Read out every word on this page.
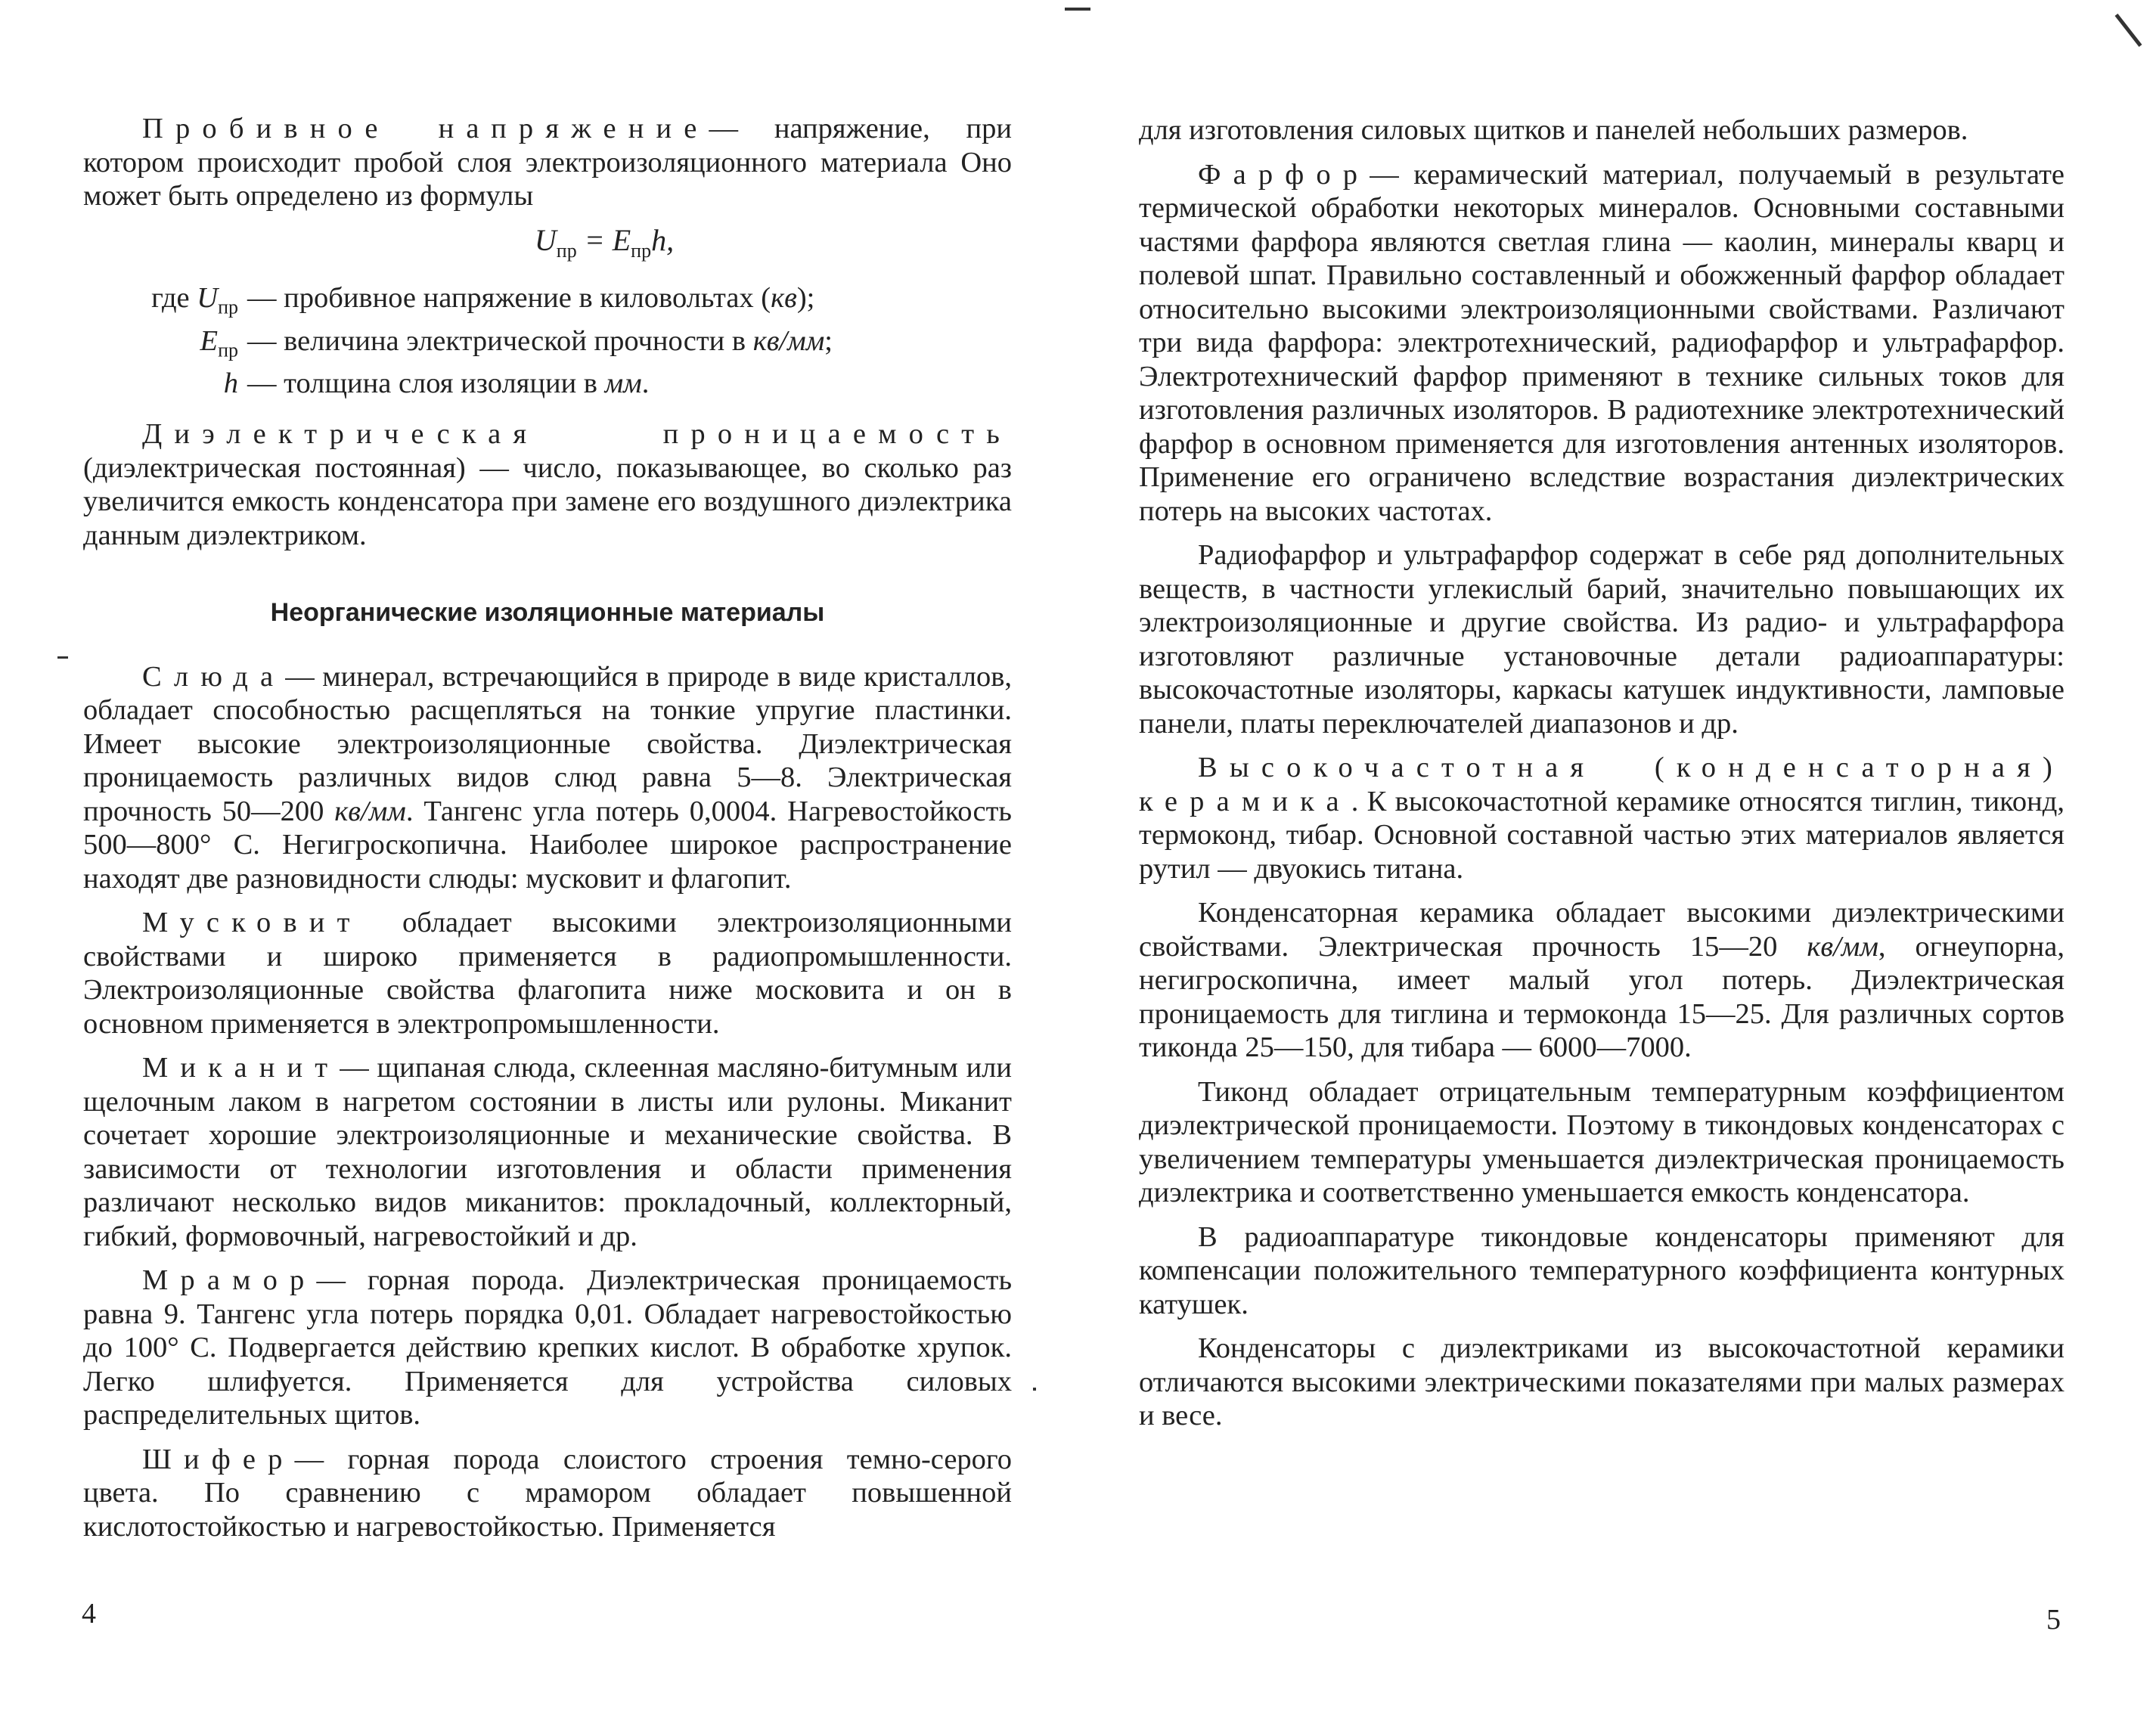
Пробивное напряжение— напряжение, при котором происходит пробой слоя электроизоляционного материала Оно может быть определено из формулы

$U_{пр} = E_{пр}h$,
где $U_{пр}$ — пробивное напряжение в киловольтах (кв);
$E_{пр}$ — величина электрической прочности в кв/мм;
h — толщина слоя изоляции в мм.

Диэлектрическая проницаемость (диэлектрическая постоянная) — число, показывающее, во сколько раз увеличится емкость конденсатора при замене его воздушного диэлектрика данным диэлектриком.

Неорганические изоляционные материалы

Слюда— минерал, встречающийся в природе в виде кристаллов, обладает способностью расщепляться на тонкие упругие пластинки. Имеет высокие электроизоляционные свойства. Диэлектрическая проницаемость различных видов слюд равна 5—8. Электрическая прочность 50—200 кв/мм. Тангенс угла потерь 0,0004. Нагревостойкость 500—800° С. Негигроскопична. Наиболее широкое распространение находят две разновидности слюды: мусковит и флагопит.

Мусковит обладает высокими электроизоляционными свойствами и широко применяется в радиопромышленности. Электроизоляционные свойства флагопита ниже московита и он в основном применяется в электропромышленности.

Миканит— щипаная слюда, склеенная масляно-битумным или щелочным лаком в нагретом состоянии в листы или рулоны. Миканит сочетает хорошие электроизоляционные и механические свойства. В зависимости от технологии изготовления и области применения различают несколько видов миканитов: прокладочный, коллекторный, гибкий, формовочный, нагревостойкий и др.

Мрамор— горная порода. Диэлектрическая проницаемость равна 9. Тангенс угла потерь порядка 0,01. Обладает нагревостойкостью до 100° С. Подвергается действию крепких кислот. В обработке хрупок. Легко шлифуется. Применяется для устройства силовых распределительных щитов.

Шифер— горная порода слоистого строения темно-серого цвета. По сравнению с мрамором обладает повышенной кислотостойкостью и нагревостойкостью. Применяется

4

для изготовления силовых щитков и панелей небольших размеров.

Фарфор— керамический материал, получаемый в результате термической обработки некоторых минералов. Основными составными частями фарфора являются светлая глина — каолин, минералы кварц и полевой шпат. Правильно составленный и обожженный фарфор обладает относительно высокими электроизоляционными свойствами. Различают три вида фарфора: электротехнический, радиофарфор и ультрафарфор. Электротехнический фарфор применяют в технике сильных токов для изготовления различных изоляторов. В радиотехнике электротехнический фарфор в основном применяется для изготовления антенных изоляторов. Применение его ограничено вследствие возрастания диэлектрических потерь на высоких частотах.

Радиофарфор и ультрафарфор содержат в себе ряд дополнительных веществ, в частности углекислый барий, значительно повышающих их электроизоляционные и другие свойства. Из радио- и ультрафарфора изготовляют различные установочные детали радиоаппаратуры: высокочастотные изоляторы, каркасы катушек индуктивности, ламповые панели, платы переключателей диапазонов и др.

Высокочастотная (конденсаторная) керамика. К высокочастотной керамике относятся тиглин, тиконд, термоконд, тибар. Основной составной частью этих материалов является рутил — двуокись титана.

Конденсаторная керамика обладает высокими диэлектрическими свойствами. Электрическая прочность 15—20 кв/мм, огнеупорна, негигроскопична, имеет малый угол потерь. Диэлектрическая проницаемость для тиглина и термоконда 15—25. Для различных сортов тиконда 25—150, для тибара — 6000—7000.

Тиконд обладает отрицательным температурным коэффициентом диэлектрической проницаемости. Поэтому в тикондовых конденсаторах с увеличением температуры уменьшается диэлектрическая проницаемость диэлектрика и соответственно уменьшается емкость конденсатора.

В радиоаппаратуре тикондовые конденсаторы применяют для компенсации положительного температурного коэффициента контурных катушек.

Конденсаторы с диэлектриками из высокочастотной керамики отличаются высокими электрическими показателями при малых размерах и весе.

5
